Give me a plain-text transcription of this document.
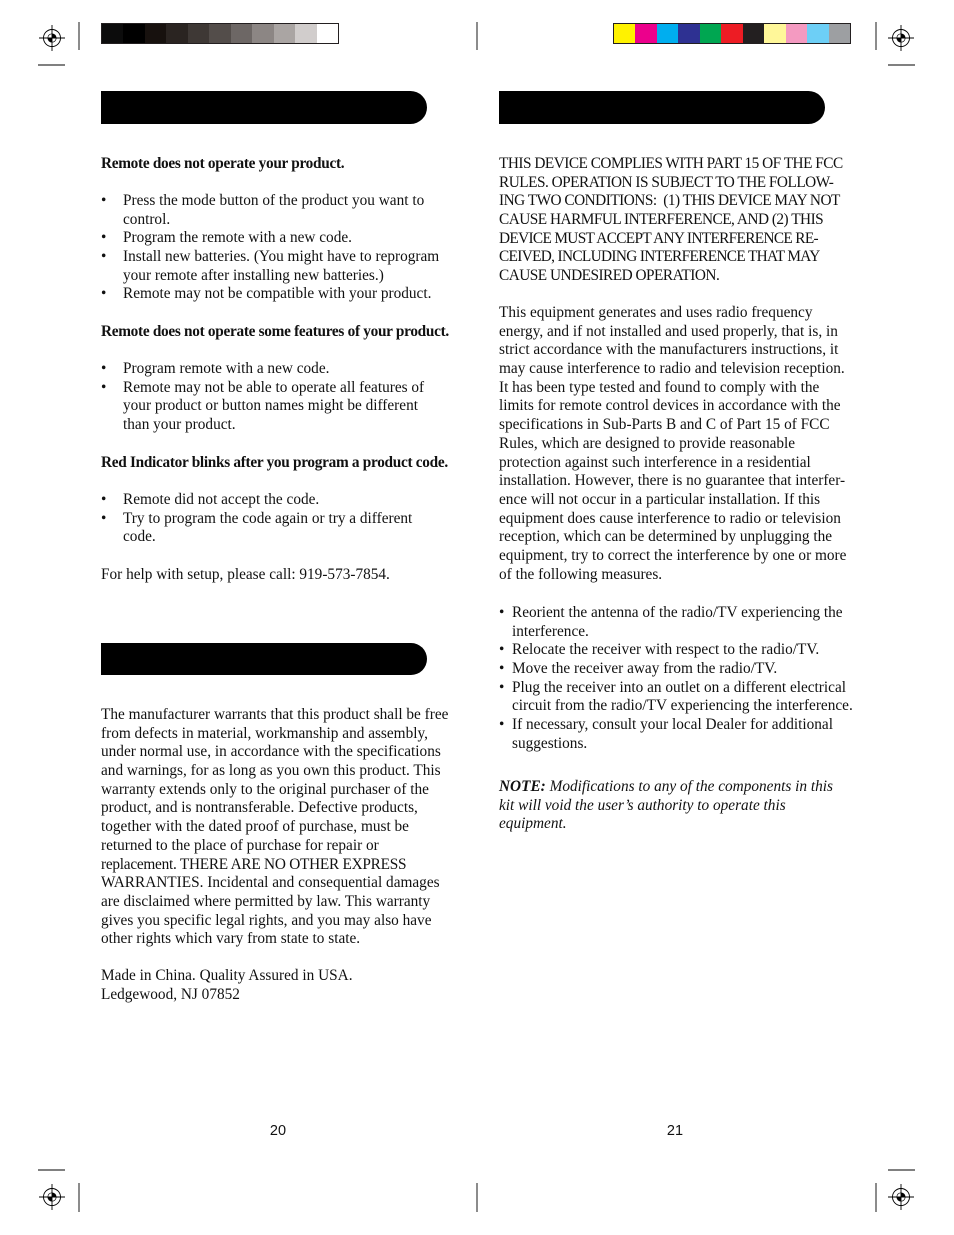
Remote does not operate your product.
• Press the mode button of the product you want to
control.
• Program the remote with a new code.
• Install new batteries. (You might have to reprogram
your remote after installing new batteries.)
• Remote may not be compatible with your product.
Remote does not operate some features of your product.
• Program remote with a new code.
• Remote may not be able to operate all features of
your product or button names might be different
than your product.
Red Indicator blinks after you program a product code.
• Remote did not accept the code.
• Try to program the code again or try a different
code.
For help with setup, please call: 919-573-7854.
The manufacturer warrants that this product shall be free
from defects in material, workmanship and assembly,
under normal use, in accordance with the specifications
and warnings, for as long as you own this product. This
warranty extends only to the original purchaser of the
product, and is nontransferable. Defective products,
together with the dated proof of purchase, must be
returned to the place of purchase for repair or
replacement. THERE ARE NO OTHER EXPRESS
WARRANTIES. Incidental and consequential damages
are disclaimed where permitted by law. This warranty
gives you specific legal rights, and you may also have
other rights which vary from state to state.
Made in China. Quality Assured in USA.
Ledgewood, NJ 07852
20
THIS DEVICE COMPLIES WITH PART 15 OF THE FCC
RULES. OPERATION IS SUBJECT TO THE FOLLOW-
ING TWO CONDITIONS:  (1) THIS DEVICE MAY NOT
CAUSE HARMFUL INTERFERENCE, AND (2) THIS
DEVICE MUST ACCEPT ANY INTERFERENCE RE-
CEIVED, INCLUDING INTERFERENCE THAT MAY
CAUSE UNDESIRED OPERATION.
This equipment generates and uses radio frequency
energy, and if not installed and used properly, that is, in
strict accordance with the manufacturers instructions, it
may cause interference to radio and television reception.
It has been type tested and found to comply with the
limits for remote control devices in accordance with the
specifications in Sub-Parts B and C of Part 15 of FCC
Rules, which are designed to provide reasonable
protection against such interference in a residential
installation. However, there is no guarantee that interfer-
ence will not occur in a particular installation. If this
equipment does cause interference to radio or television
reception, which can be determined by unplugging the
equipment, try to correct the interference by one or more
of the following measures.
• Reorient the antenna of the radio/TV experiencing the
interference.
• Relocate the receiver with respect to the radio/TV.
• Move the receiver away from the radio/TV.
• Plug the receiver into an outlet on a different electrical
circuit from the radio/TV experiencing the interference.
• If necessary, consult your local Dealer for additional
suggestions.
NOTE: Modifications to any of the components in this
kit will void the user’s authority to operate this
equipment.
21
